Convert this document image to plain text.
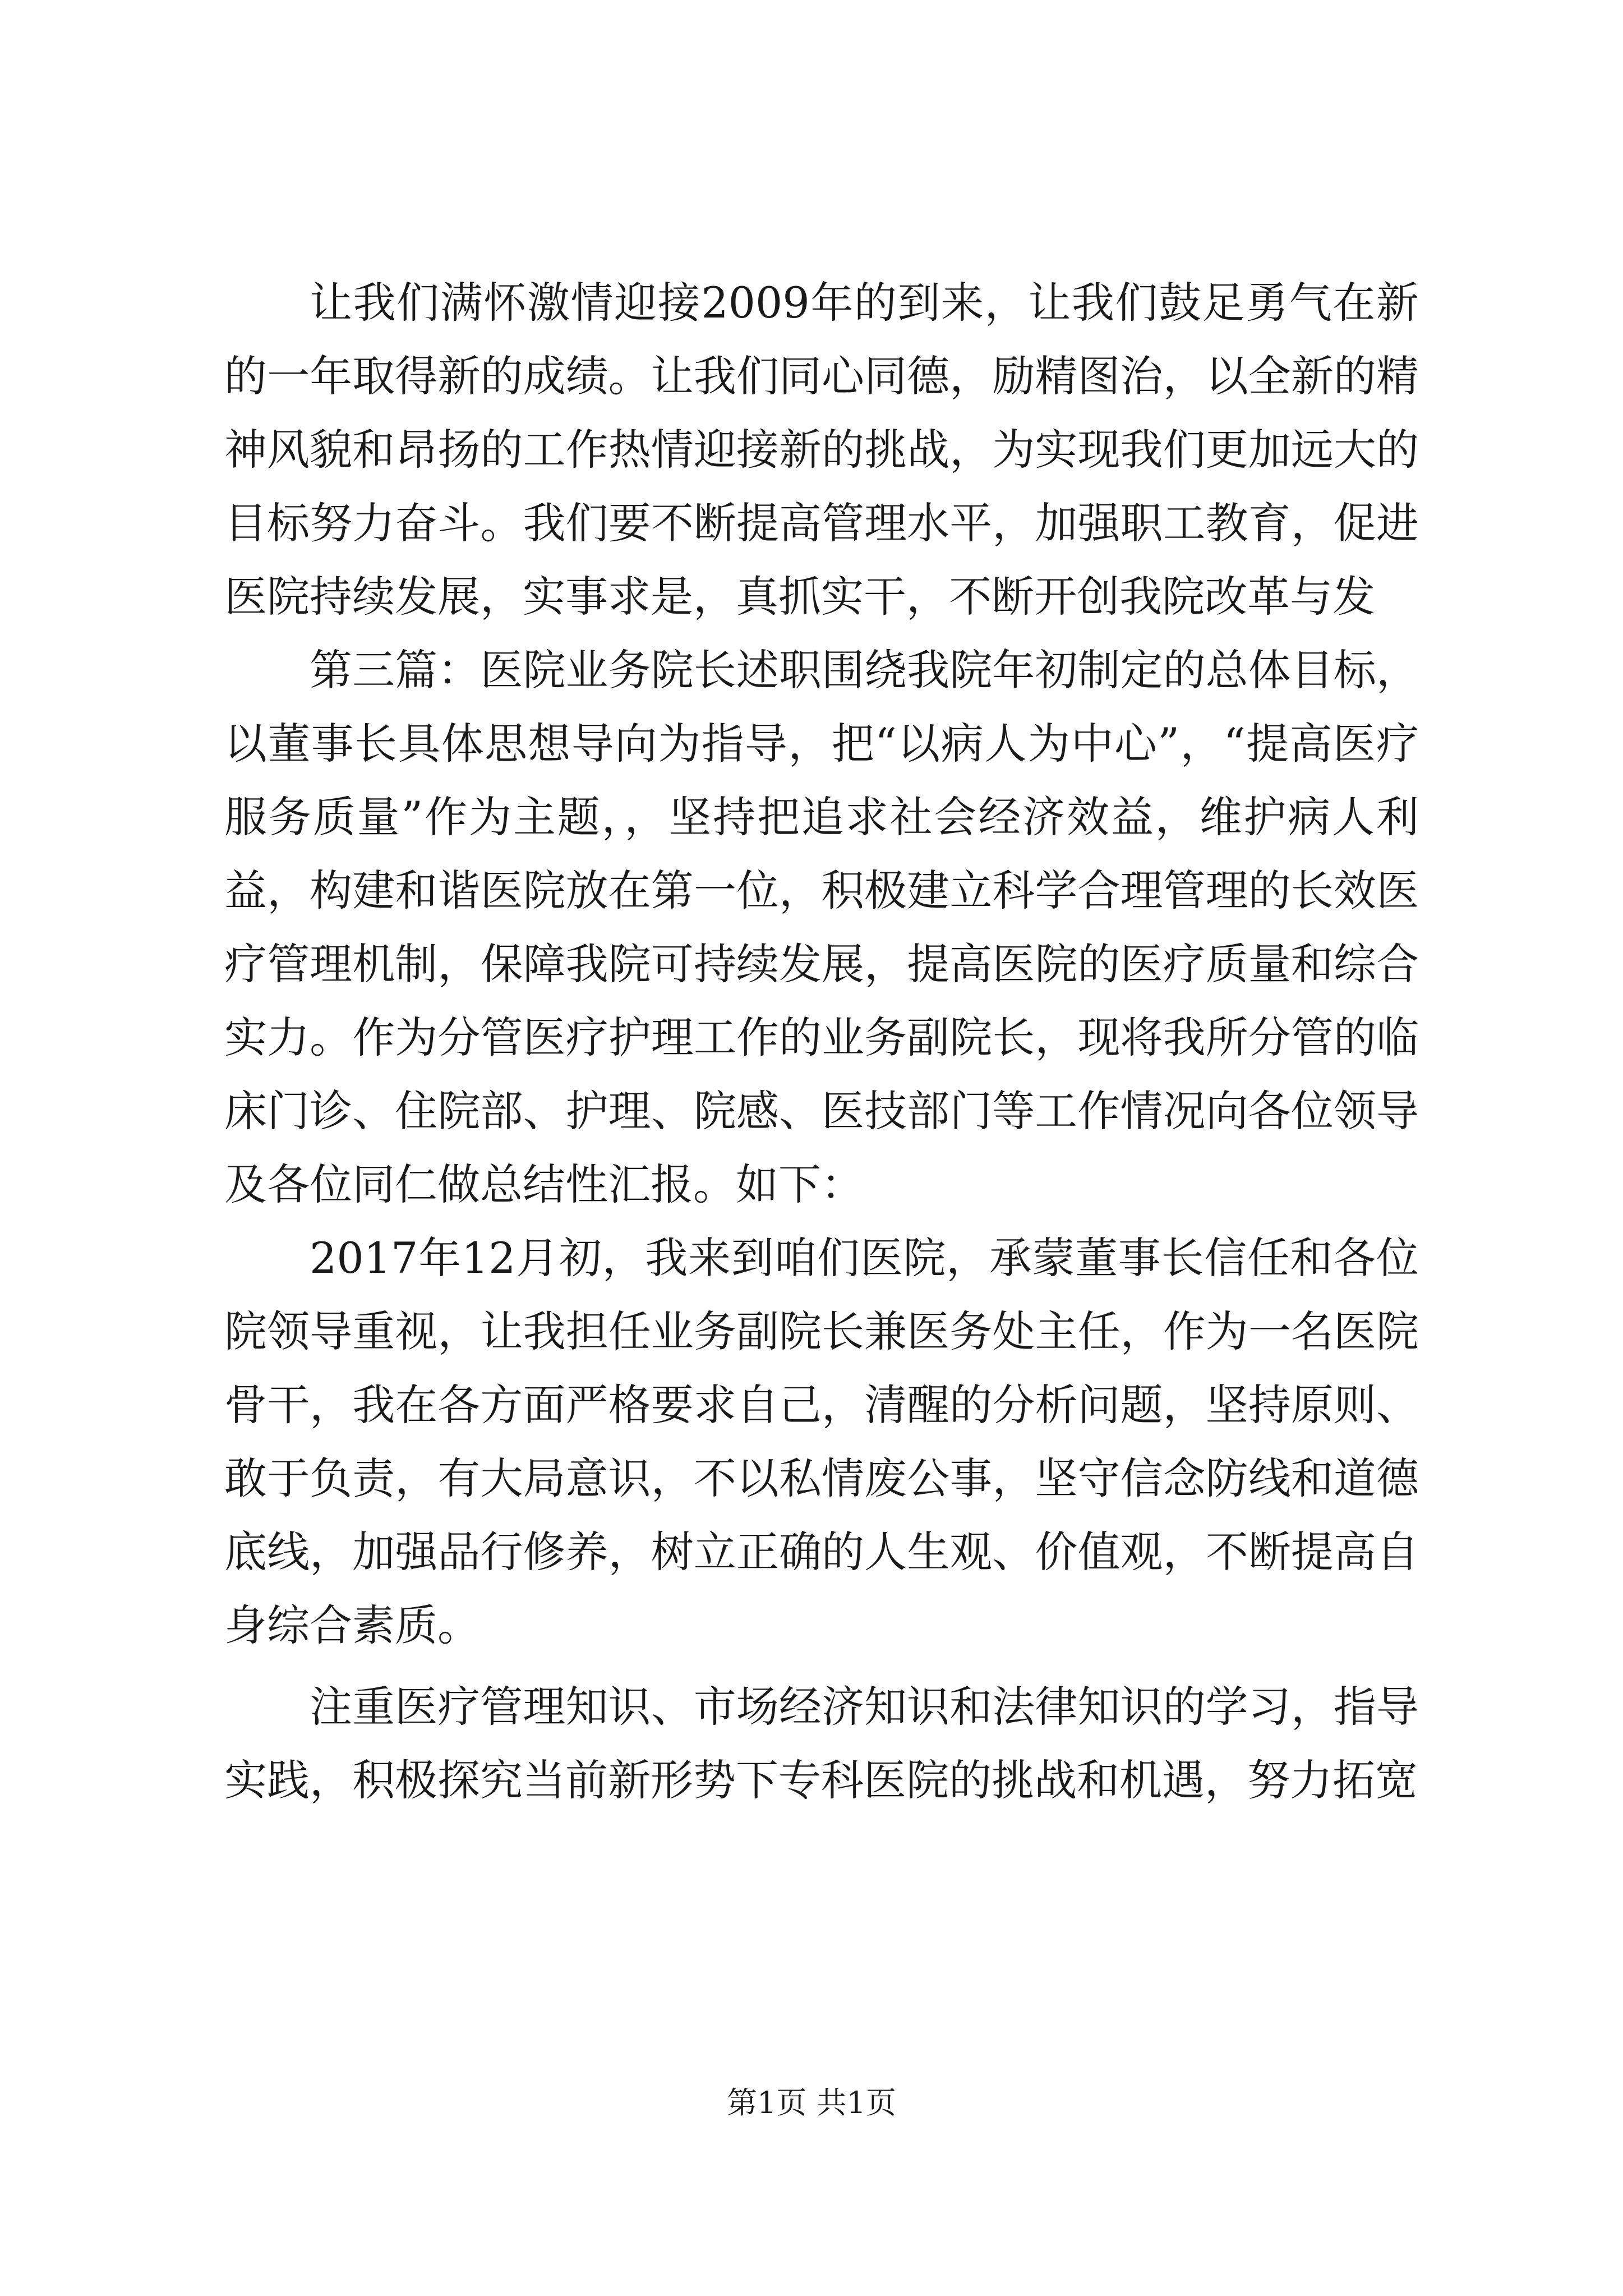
让我们满怀激情迎接2009年的到来，让我们鼓足勇气在新的一年取得新的成绩。让我们同心同德，励精图治，以全新的精神风貌和昂扬的工作热情迎接新的挑战，为实现我们更加远大的目标努力奋斗。我们要不断提高管理水平，加强职工教育，促进医院持续发展，实事求是，真抓实干，不断开创我院改革与发

第三篇：医院业务院长述职围绕我院年初制定的总体目标，以董事长具体思想导向为指导，把“以病人为中心”，“提高医疗服务质量”作为主题，，坚持把追求社会经济效益，维护病人利益，构建和谐医院放在第一位，积极建立科学合理管理的长效医疗管理机制，保障我院可持续发展，提高医院的医疗质量和综合实力。作为分管医疗护理工作的业务副院长，现将我所分管的临床门诊、住院部、护理、院感、医技部门等工作情况向各位领导及各位同仁做总结性汇报。如下：

2017年12月初，我来到咱们医院，承蒙董事长信任和各位院领导重视，让我担任业务副院长兼医务处主任，作为一名医院骨干，我在各方面严格要求自己，清醒的分析问题，坚持原则、敢于负责，有大局意识，不以私情废公事，坚守信念防线和道德底线，加强品行修养，树立正确的人生观、价值观，不断提高自身综合素质。

注重医疗管理知识、市场经济知识和法律知识的学习，指导实践，积极探究当前新形势下专科医院的挑战和机遇，努力拓宽

第1页 共1页
